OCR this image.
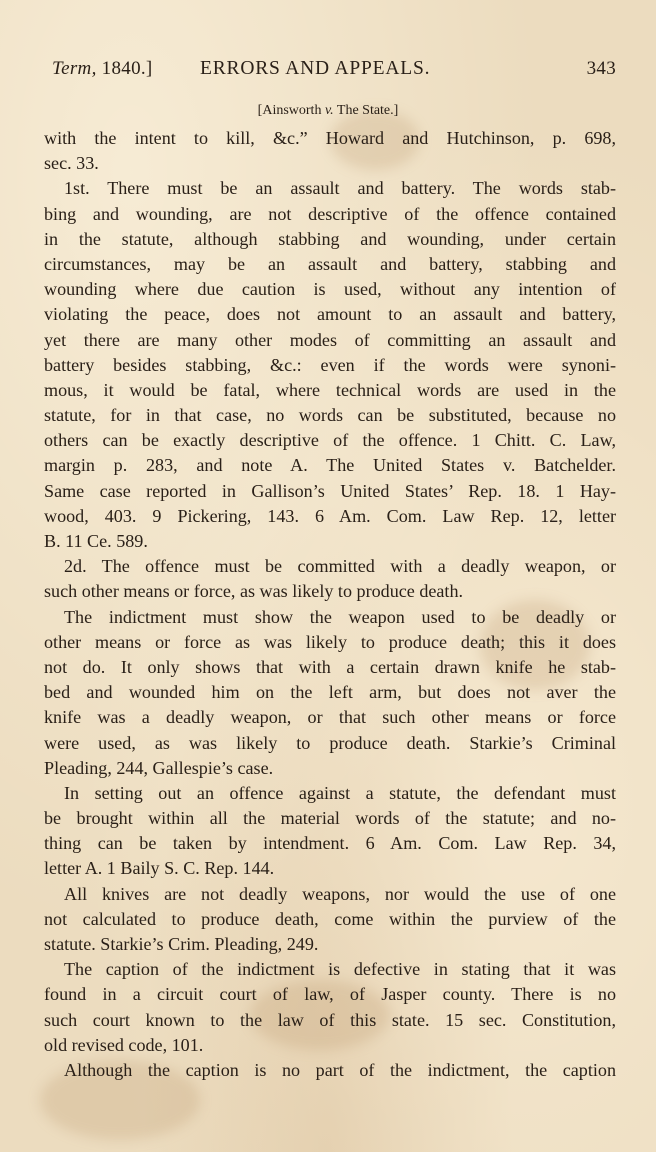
Term, 1840.] ERRORS AND APPEALS.	343
[Ainsworth v. The State.]
with the intent to kill, &c.” Howard and Hutchinson, p. 698,
sec. 33.
1st. There must be an assault and battery. The words stab-
bing and wounding, are not descriptive of the offence contained
in the statute, although stabbing and wounding, under certain
circumstances, may be an assault and battery, stabbing and
wounding where due caution is used, without any intention of
violating the peace, does not amount to an assault and battery,
yet there are many other modes of committing an assault and
battery besides stabbing, &c.: even if the words were synoni-
mous, it would be fatal, where technical words are used in the
statute, for in that case, no words can be substituted, because no
others can be exactly descriptive of the offence. 1 Chitt. C. Law,
margin p. 283, and note A. The United States v. Batchelder.
Same case reported in Gallison’s United States’ Rep. 18. 1 Hay-
wood, 403. 9 Pickering, 143. 6 Am. Com. Law Rep. 12, letter
B. 11 Ce. 589.
2d. The offence must be committed with a deadly weapon, or
such other means or force, as was likely to produce death.
The indictment must show the weapon used to be deadly or
other means or force as was likely to produce death; this it does
not do. It only shows that with a certain drawn knife he stab-
bed and wounded him on the left arm, but does not aver the
knife was a deadly weapon, or that such other means or force
were used, as was likely to produce death. Starkie’s Criminal
Pleading, 244, Gallespie’s case.
In setting out an offence against a statute, the defendant must
be brought within all the material words of the statute; and no-
thing can be taken by intendment. 6 Am. Com. Law Rep. 34,
letter A. 1 Baily S. C. Rep. 144.
All knives are not deadly weapons, nor would the use of one
not calculated to produce death, come within the purview of the
statute. Starkie’s Crim. Pleading, 249.
The caption of the indictment is defective in stating that it was
found in a circuit court of law, of Jasper county. There is no
such court known to the law of this state. 15 sec. Constitution,
old revised code, 101.
Although the caption is no part of the indictment, the caption
